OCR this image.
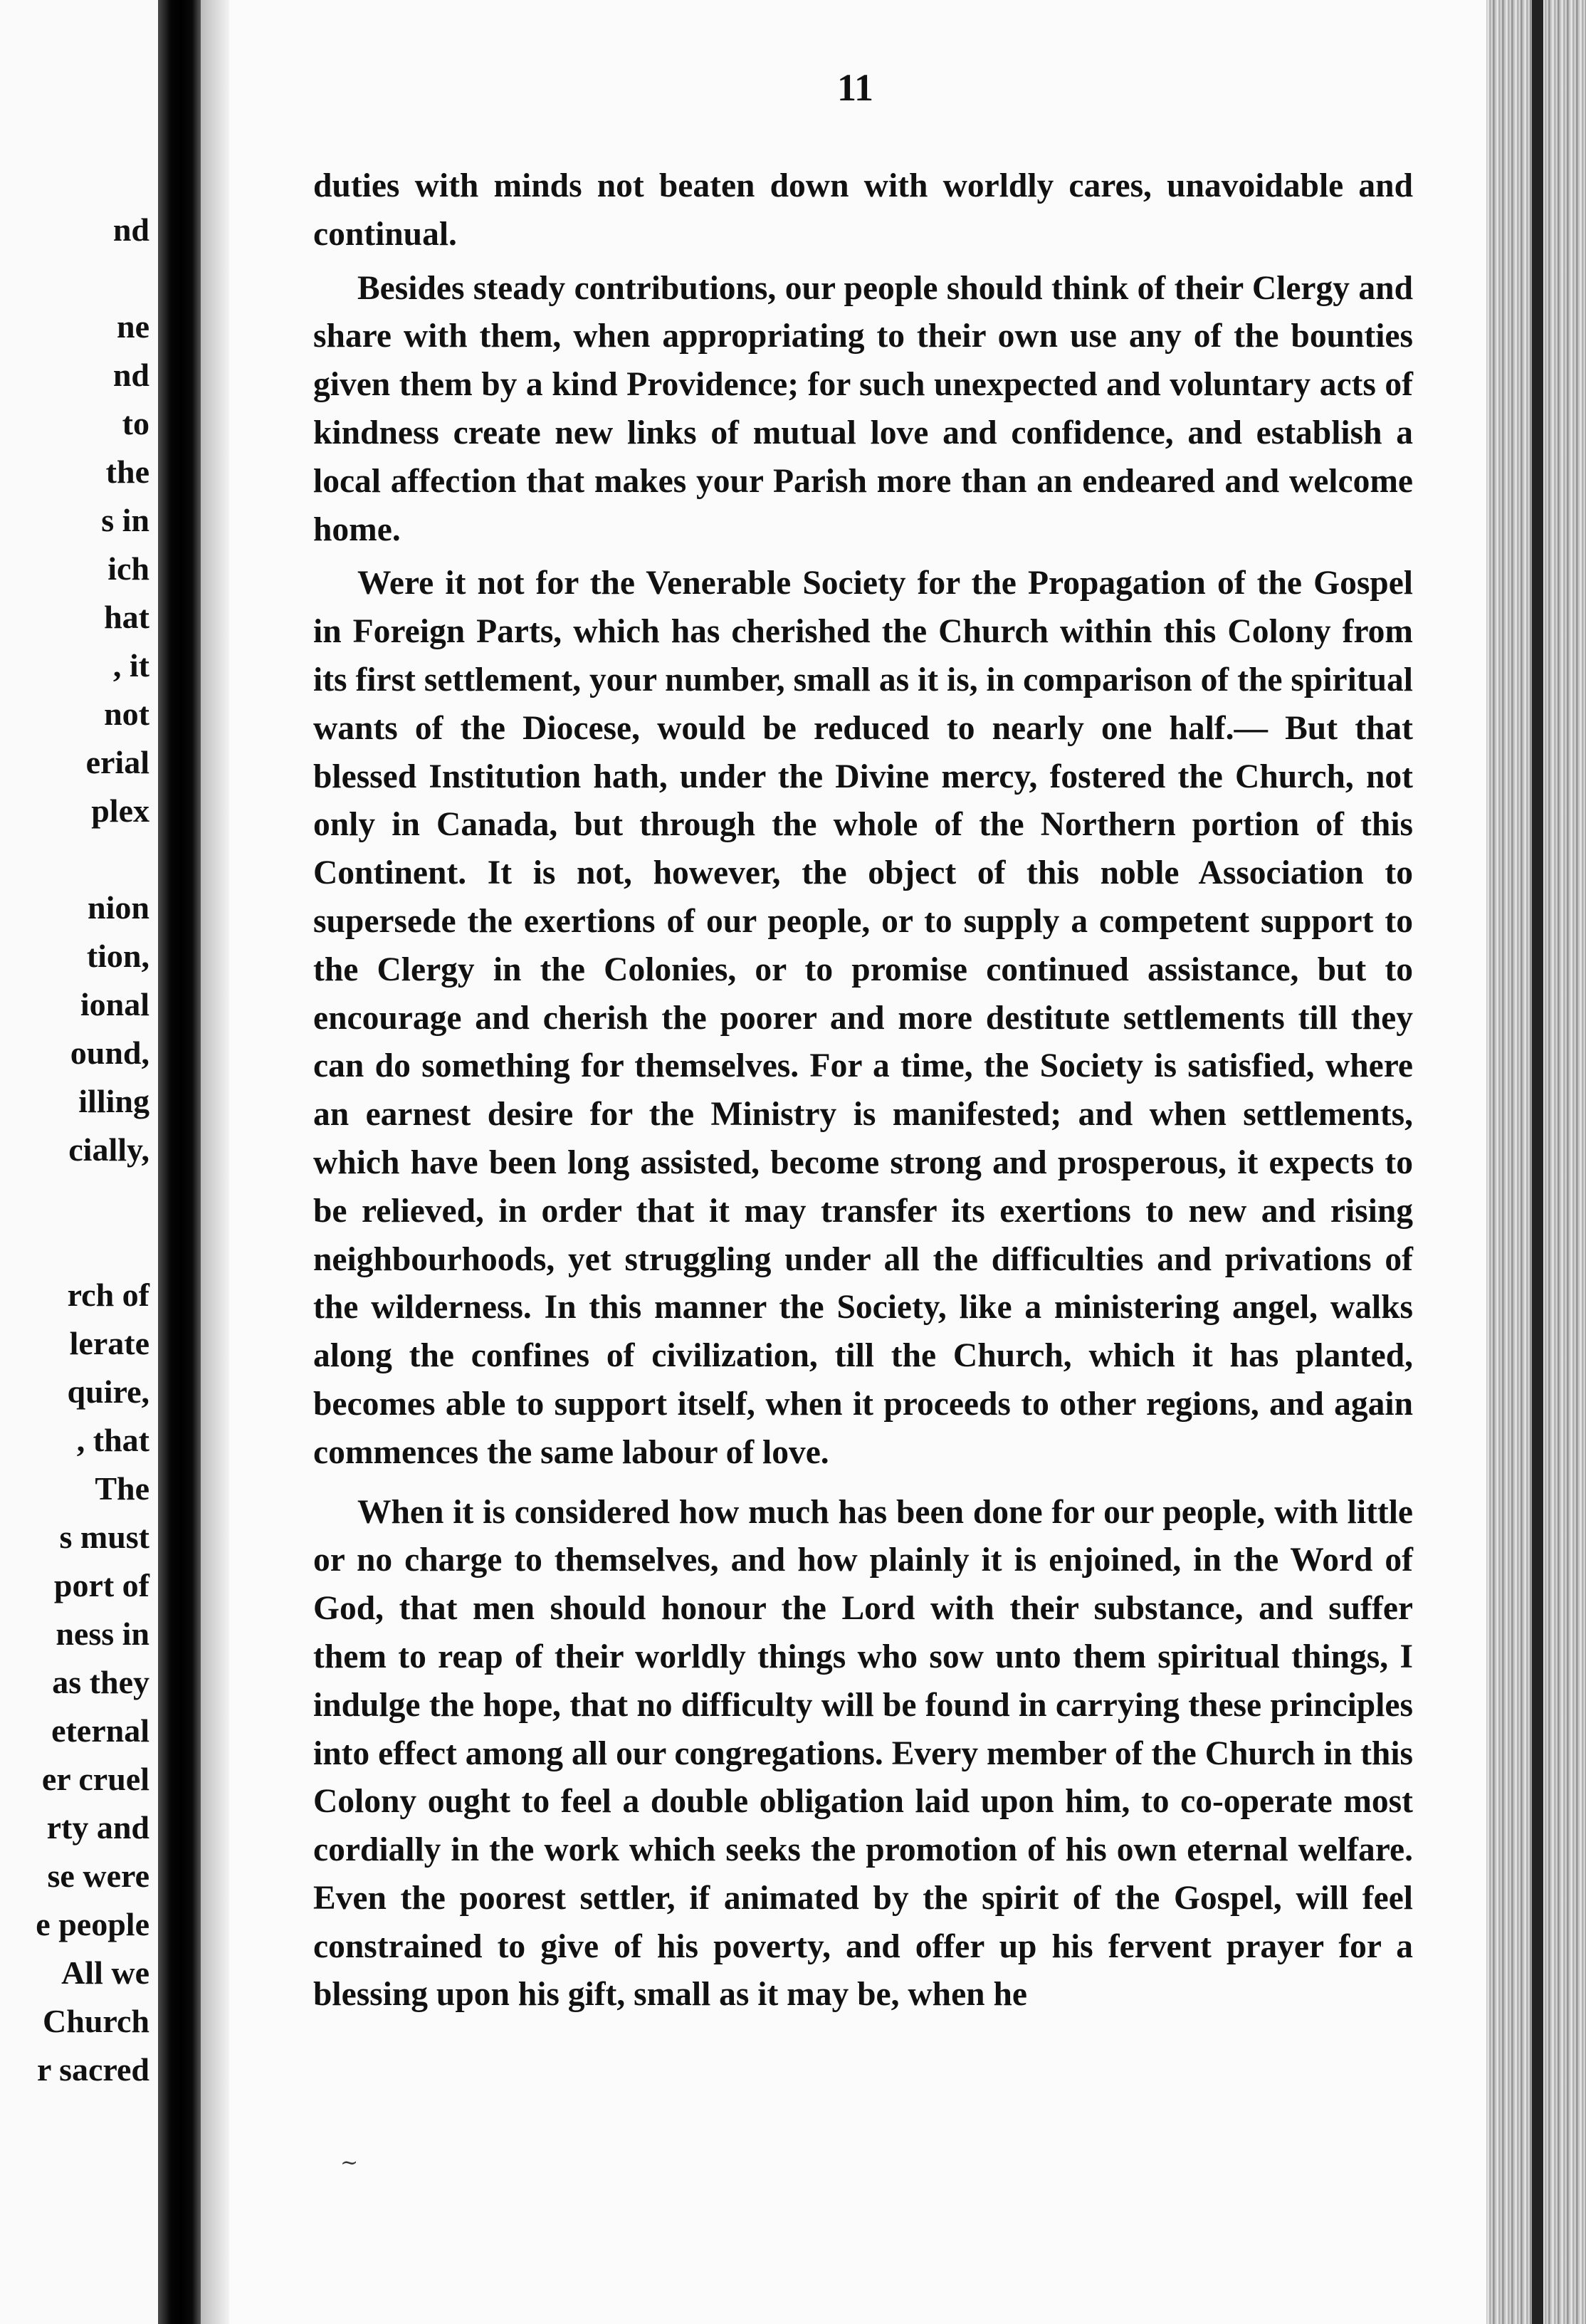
nd
ne
nd
to
the
s in
ich
hat
, it
not
erial
plex
nion
tion,
ional
ound,
illing
cially,
rch of
lerate
quire,
, that
The
s must
port of
ness in
as they
eternal
er cruel
rty and
se were
e people
All we
Church
r sacred
11

duties with minds not beaten down with worldly cares, unavoidable and continual.

Besides steady contributions, our people should think of their Clergy and share with them, when appropriating to their own use any of the bounties given them by a kind Providence; for such unexpected and voluntary acts of kindness create new links of mutual love and confidence, and establish a local affection that makes your Parish more than an endeared and welcome home.

Were it not for the Venerable Society for the Propagation of the Gospel in Foreign Parts, which has cherished the Church within this Colony from its first settlement, your number, small as it is, in comparison of the spiritual wants of the Diocese, would be reduced to nearly one half.— But that blessed Institution hath, under the Divine mercy, fostered the Church, not only in Canada, but through the whole of the Northern portion of this Continent. It is not, however, the object of this noble Association to supersede the exertions of our people, or to supply a competent support to the Clergy in the Colonies, or to promise continued assistance, but to encourage and cherish the poorer and more destitute settlements till they can do something for themselves. For a time, the Society is satisfied, where an earnest desire for the Ministry is manifested; and when settlements, which have been long assisted, become strong and prosperous, it expects to be relieved, in order that it may transfer its exertions to new and rising neighbourhoods, yet struggling under all the difficulties and privations of the wilderness. In this manner the Society, like a ministering angel, walks along the confines of civilization, till the Church, which it has planted, becomes able to support itself, when it proceeds to other regions, and again commences the same labour of love.

When it is considered how much has been done for our people, with little or no charge to themselves, and how plainly it is enjoined, in the Word of God, that men should honour the Lord with their substance, and suffer them to reap of their worldly things who sow unto them spiritual things, I indulge the hope, that no difficulty will be found in carrying these principles into effect among all our congregations. Every member of the Church in this Colony ought to feel a double obligation laid upon him, to co-operate most cordially in the work which seeks the promotion of his own eternal welfare. Even the poorest settler, if animated by the spirit of the Gospel, will feel constrained to give of his poverty, and offer up his fervent prayer for a blessing upon his gift, small as it may be, when he

~
